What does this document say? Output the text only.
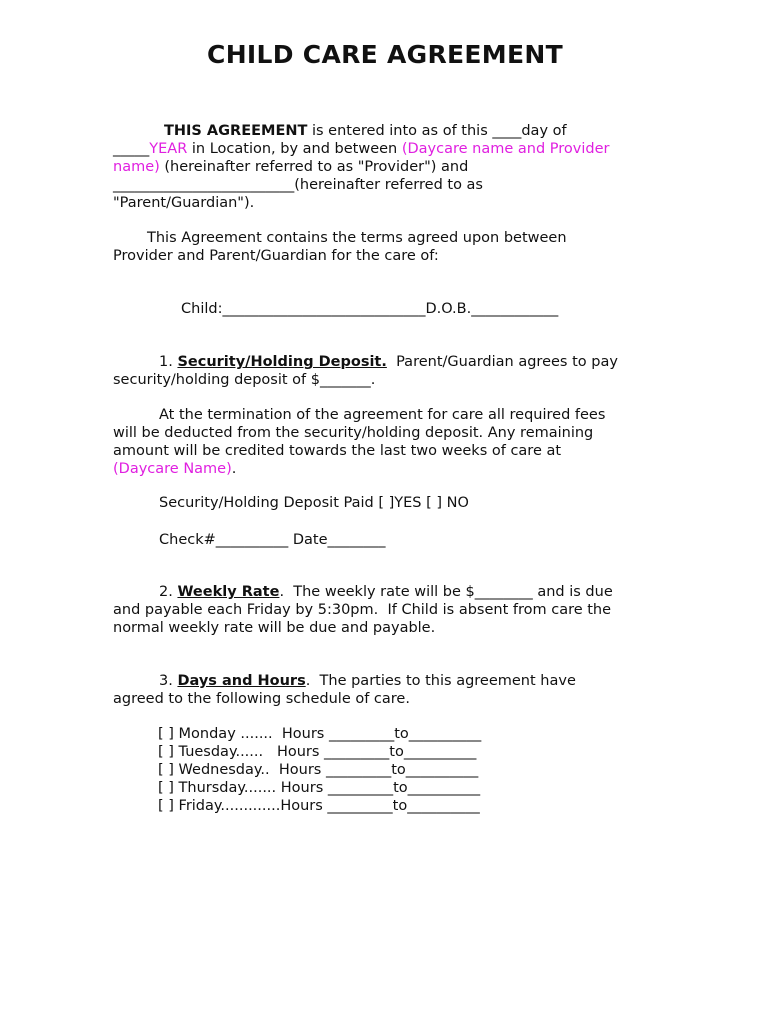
CHILD CARE AGREEMENT
THIS AGREEMENT is entered into as of this ____day of
_____YEAR in Location, by and between (Daycare name and Provider
name) (hereinafter referred to as "Provider") and
_________________________(hereinafter referred to as
"Parent/Guardian").
This Agreement contains the terms agreed upon between
Provider and Parent/Guardian for the care of:
Child:____________________________D.O.B.____________
1. Security/Holding Deposit.  Parent/Guardian agrees to pay
security/holding deposit of $_______.
At the termination of the agreement for care all required fees
will be deducted from the security/holding deposit. Any remaining
amount will be credited towards the last two weeks of care at
(Daycare Name).
Security/Holding Deposit Paid [ ]YES [ ] NO
Check#__________ Date________
2. Weekly Rate.  The weekly rate will be $________ and is due
and payable each Friday by 5:30pm.  If Child is absent from care the
normal weekly rate will be due and payable.
3. Days and Hours.  The parties to this agreement have
agreed to the following schedule of care.
[ ] Monday .......  Hours _________to__________
[ ] Tuesday......   Hours _________to__________
[ ] Wednesday..  Hours _________to__________
[ ] Thursday....... Hours _________to__________
[ ] Friday.............Hours _________to__________
